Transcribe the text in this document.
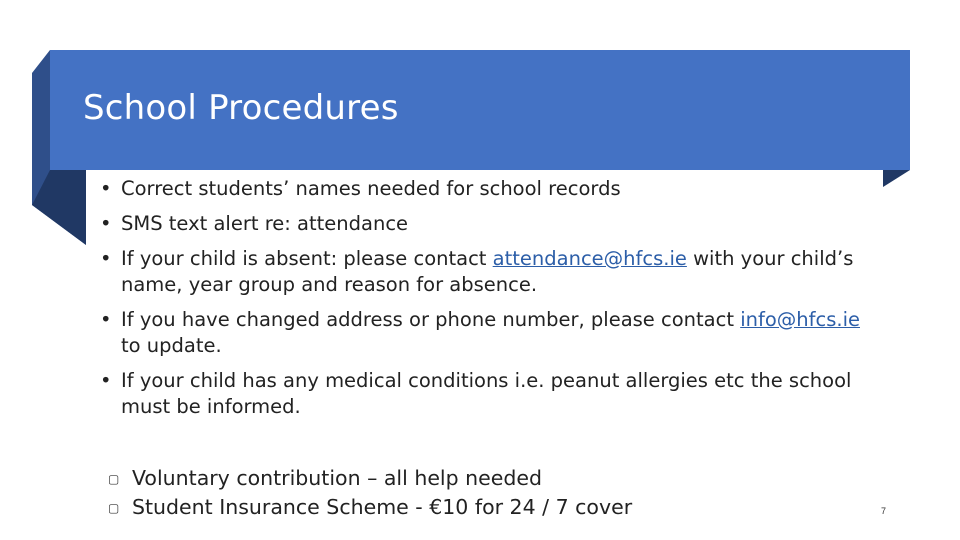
School Procedures
• Correct students’ names needed for school records
• SMS text alert re: attendance
• If your child is absent: please contact attendance@hfcs.ie with your child’s name, year group and reason for absence.
• If you have changed address or phone number, please contact info@hfcs.ie to update.
• If your child has any medical conditions i.e. peanut allergies etc the school must be informed.
▢ Voluntary contribution – all help needed
▢ Student Insurance Scheme - €10 for 24 / 7 cover	7
